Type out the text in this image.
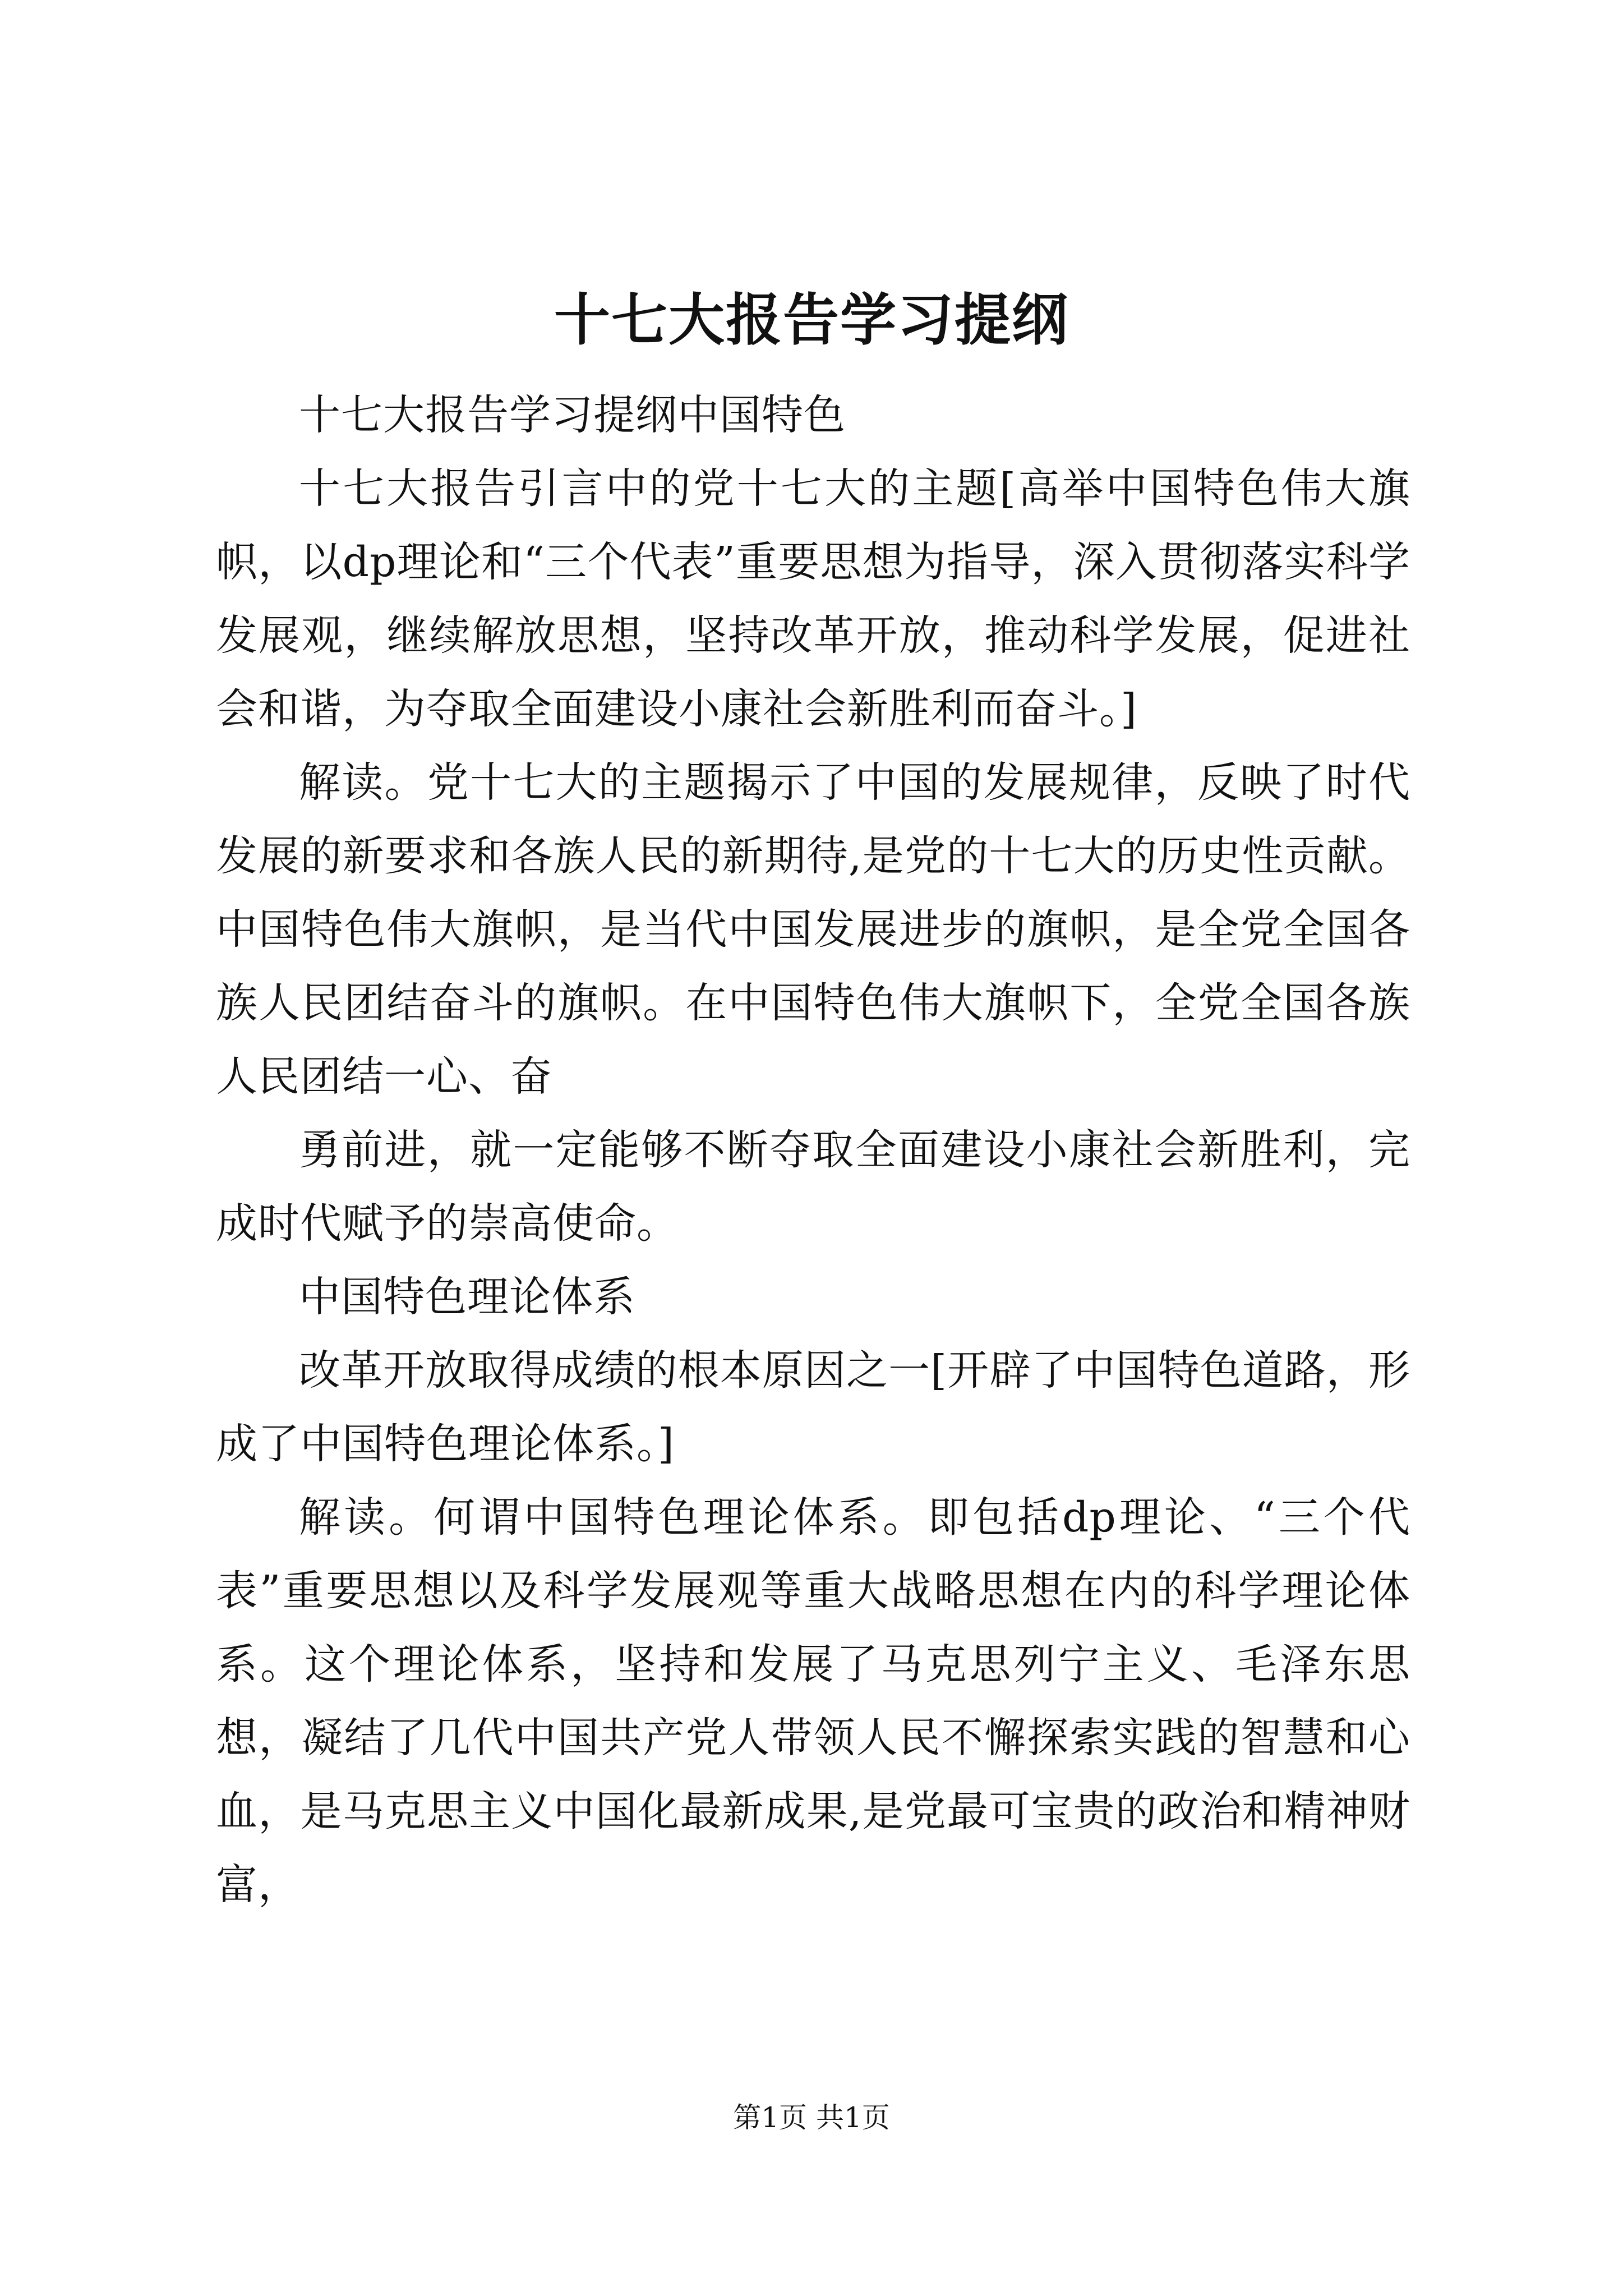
十七大报告学习提纲

十七大报告学习提纲中国特色

十七大报告引言中的党十七大的主题[高举中国特色伟大旗帜，以dp理论和“三个代表”重要思想为指导，深入贯彻落实科学发展观，继续解放思想，坚持改革开放，推动科学发展，促进社会和谐，为夺取全面建设小康社会新胜利而奋斗。]

解读。党十七大的主题揭示了中国的发展规律，反映了时代发展的新要求和各族人民的新期待,是党的十七大的历史性贡献。中国特色伟大旗帜，是当代中国发展进步的旗帜，是全党全国各族人民团结奋斗的旗帜。在中国特色伟大旗帜下，全党全国各族人民团结一心、奋

勇前进，就一定能够不断夺取全面建设小康社会新胜利，完成时代赋予的崇高使命。

中国特色理论体系

改革开放取得成绩的根本原因之一[开辟了中国特色道路，形成了中国特色理论体系。]

解读。何谓中国特色理论体系。即包括dp理论、“三个代表”重要思想以及科学发展观等重大战略思想在内的科学理论体系。这个理论体系，坚持和发展了马克思列宁主义、毛泽东思想，凝结了几代中国共产党人带领人民不懈探索实践的智慧和心血，是马克思主义中国化最新成果,是党最可宝贵的政治和精神财富，

第1页 共1页
